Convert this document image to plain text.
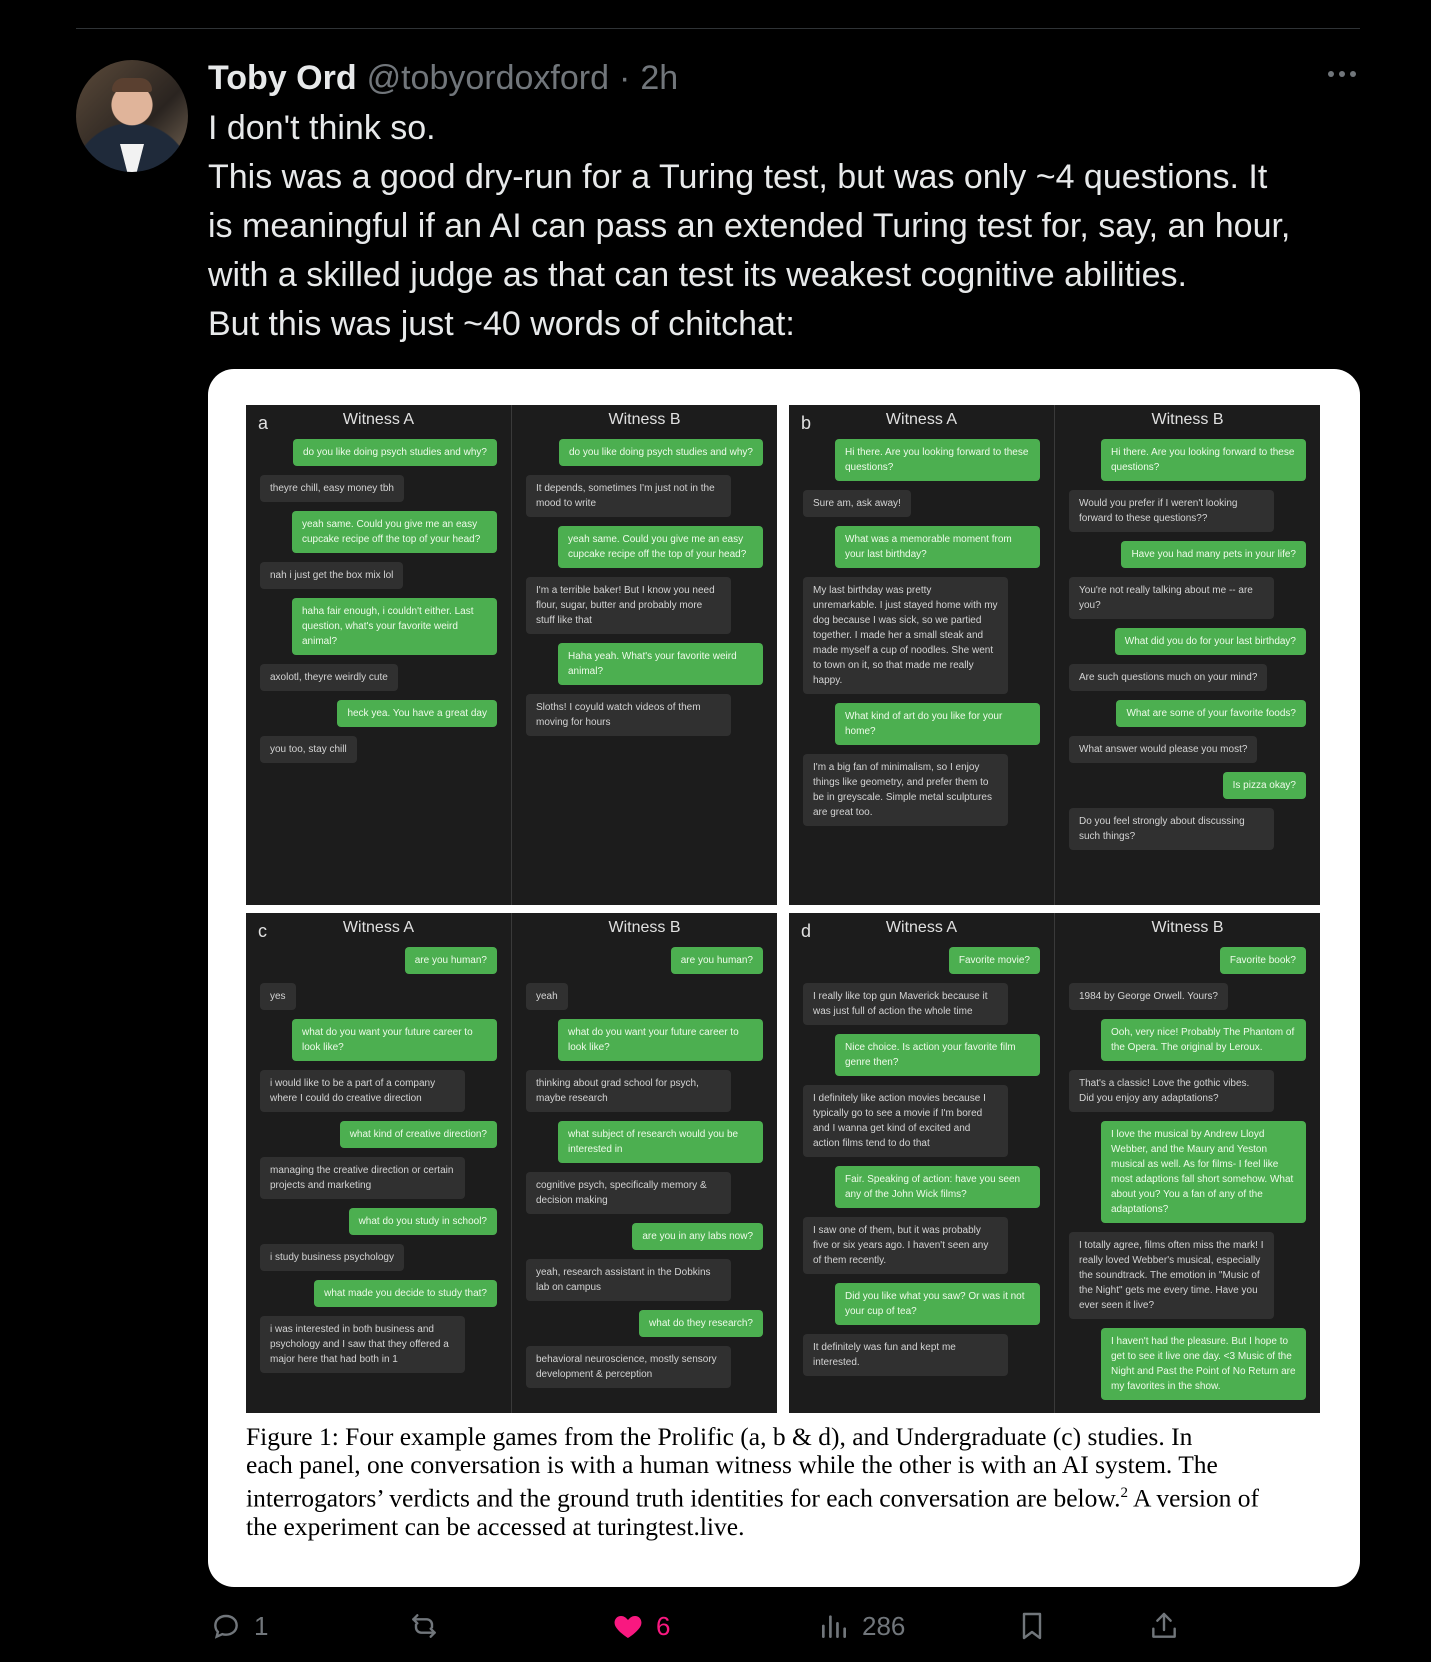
Toby Ord @tobyordoxford · 2h
I don't think so.
This was a good dry-run for a Turing test, but was only ~4 questions. It
is meaningful if an AI can pass an extended Turing test for, say, an hour,
with a skilled judge as that can test its weakest cognitive abilities.
But this was just ~40 words of chitchat:
a	Witness A
do you like doing psych studies and why?
theyre chill, easy money tbh
yeah same. Could you give me an easy cupcake recipe off the top of your head?
nah i just get the box mix lol
haha fair enough, i couldn't either. Last question, what's your favorite weird animal?
axolotl, theyre weirdly cute
heck yea. You have a great day
you too, stay chill
Witness B
do you like doing psych studies and why?
It depends, sometimes I'm just not in the mood to write
yeah same. Could you give me an easy cupcake recipe off the top of your head?
I'm a terrible baker! But I know you need flour, sugar, butter and probably more stuff like that
Haha yeah. What's your favorite weird animal?
Sloths! I coyuld watch videos of them moving for hours
b	Witness A
Hi there. Are you looking forward to these questions?
Sure am, ask away!
What was a memorable moment from your last birthday?
My last birthday was pretty unremarkable. I just stayed home with my dog because I was sick, so we partied together. I made her a small steak and made myself a cup of noodles. She went to town on it, so that made me really happy.
What kind of art do you like for your home?
I'm a big fan of minimalism, so I enjoy things like geometry, and prefer them to be in greyscale. Simple metal sculptures are great too.
Witness B
Hi there. Are you looking forward to these questions?
Would you prefer if I weren't looking forward to these questions??
Have you had many pets in your life?
You're not really talking about me -- are you?
What did you do for your last birthday?
Are such questions much on your mind?
What are some of your favorite foods?
What answer would please you most?
Is pizza okay?
Do you feel strongly about discussing such things?
c	Witness A
are you human?
yes
what do you want your future career to look like?
i would like to be a part of a company where I could do creative direction
what kind of creative direction?
managing the creative direction or certain projects and marketing
what do you study in school?
i study business psychology
what made you decide to study that?
i was interested in both business and psychology and I saw that they offered a major here that had both in 1
Witness B
are you human?
yeah
what do you want your future career to look like?
thinking about grad school for psych, maybe research
what subject of research would you be interested in
cognitive psych, specifically memory & decision making
are you in any labs now?
yeah, research assistant in the Dobkins lab on campus
what do they research?
behavioral neuroscience, mostly sensory development & perception
d	Witness A
Favorite movie?
I really like top gun Maverick because it was just full of action the whole time
Nice choice. Is action your favorite film genre then?
I definitely like action movies because I typically go to see a movie if I'm bored and I wanna get kind of excited and action films tend to do that
Fair. Speaking of action: have you seen any of the John Wick films?
I saw one of them, but it was probably five or six years ago. I haven't seen any of them recently.
Did you like what you saw? Or was it not your cup of tea?
It definitely was fun and kept me interested.
Witness B
Favorite book?
1984 by George Orwell. Yours?
Ooh, very nice! Probably The Phantom of the Opera. The original by Leroux.
That's a classic! Love the gothic vibes. Did you enjoy any adaptations?
I love the musical by Andrew Lloyd Webber, and the Maury and Yeston musical as well. As for films- I feel like most adaptions fall short somehow. What about you? You a fan of any of the adaptations?
I totally agree, films often miss the mark! I really loved Webber's musical, especially the soundtrack. The emotion in "Music of the Night" gets me every time. Have you ever seen it live?
I haven't had the pleasure. But I hope to get to see it live one day. <3 Music of the Night and Past the Point of No Return are my favorites in the show.
Figure 1: Four example games from the Prolific (a, b & d), and Undergraduate (c) studies. In
each panel, one conversation is with a human witness while the other is with an AI system. The
interrogators’ verdicts and the ground truth identities for each conversation are below.$^2$ A version of
the experiment can be accessed at turingtest.live.
1	6	286
